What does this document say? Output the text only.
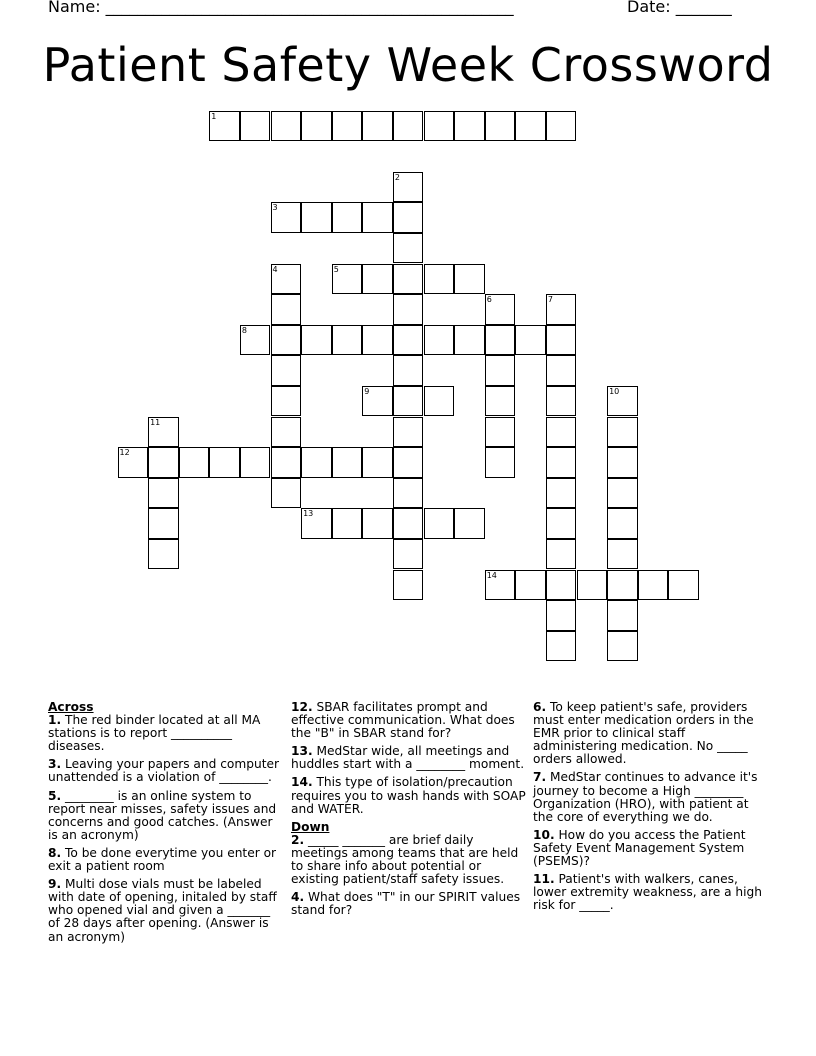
Name: ___________________________________________________	Date: _______
Patient Safety Week Crossword
1
2
3
4	5
6	7
8
9	10
11
12
13
14
Across
1. The red binder located at all MA stations is to report __________ diseases.
3. Leaving your papers and computer unattended is a violation of ________.
5. ________ is an online system to report near misses, safety issues and concerns and good catches. (Answer is an acronym)
8. To be done everytime you enter or exit a patient room
9. Multi dose vials must be labeled with date of opening, initaled by staff who opened vial and given a _______ of 28 days after opening. (Answer is an acronym)
12. SBAR facilitates prompt and effective communication. What does the "B" in SBAR stand for?
13. MedStar wide, all meetings and huddles start with a ________ moment.
14. This type of isolation/precaution requires you to wash hands with SOAP and WATER.
Down
2. _____ _______ are brief daily meetings among teams that are held to share info about potential or existing patient/staff safety issues.
4. What does "T" in our SPIRIT values stand for?
6. To keep patient's safe, providers must enter medication orders in the EMR prior to clinical staff administering medication. No _____ orders allowed.
7. MedStar continues to advance it's journey to become a High ________ Organization (HRO), with patient at the core of everything we do.
10. How do you access the Patient Safety Event Management System (PSEMS)?
11. Patient's with walkers, canes, lower extremity weakness, are a high risk for _____.
